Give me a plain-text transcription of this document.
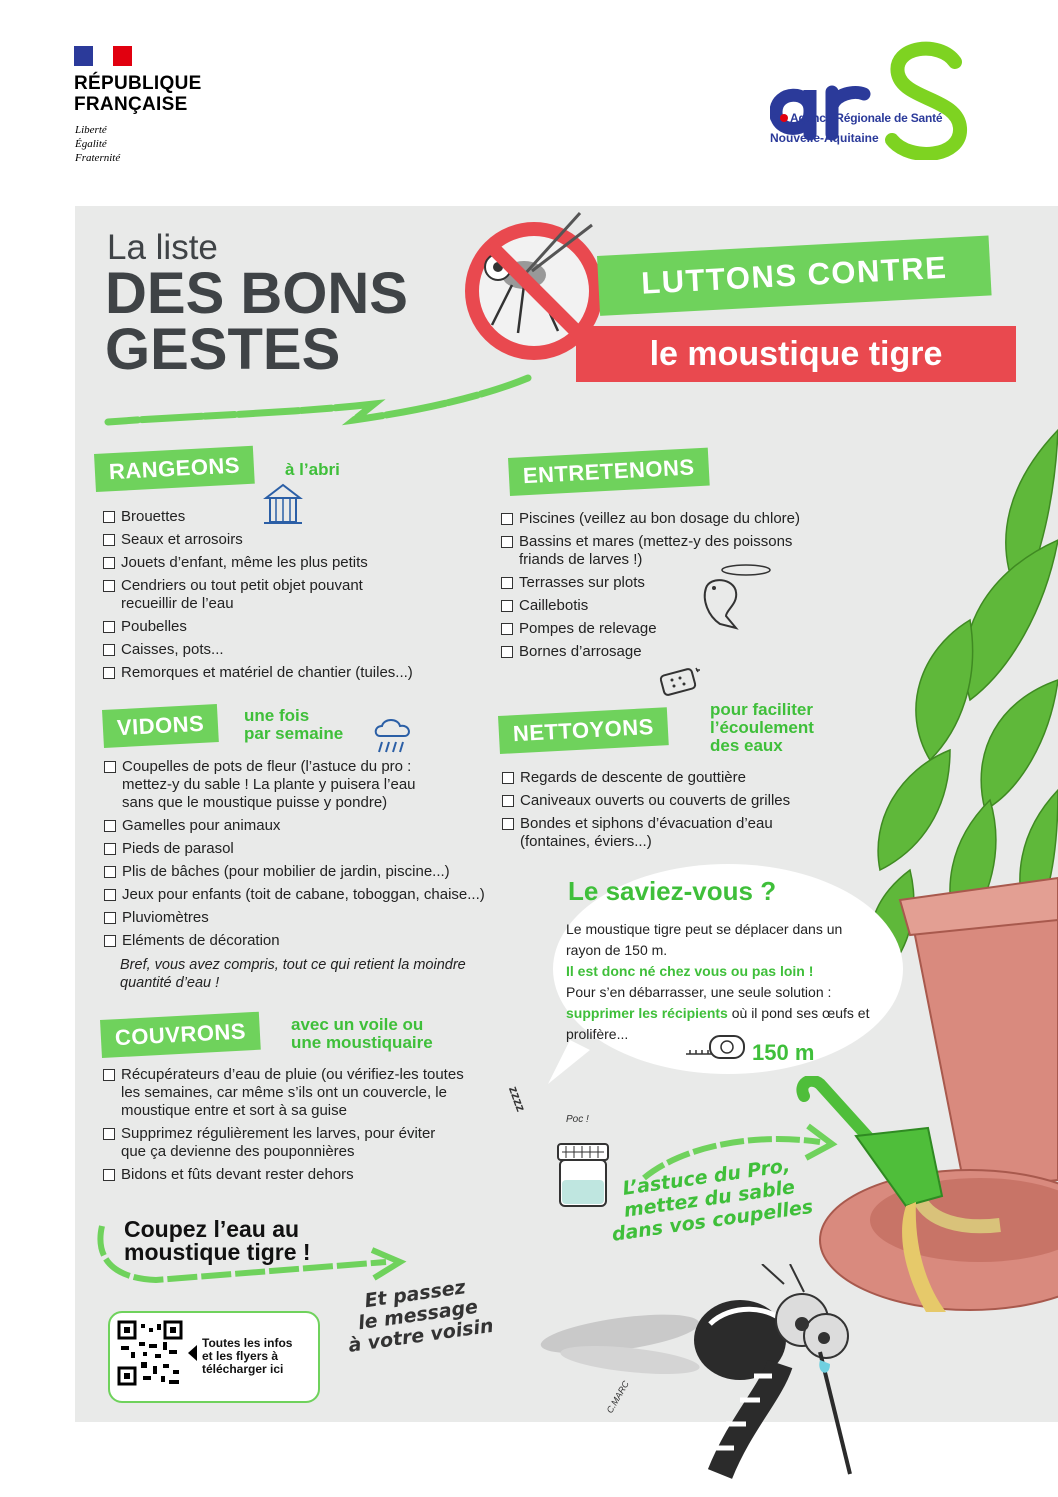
RÉPUBLIQUE
FRANÇAISE
Liberté
Égalité
Fraternité
Agence Régionale de Santé
Nouvelle-Aquitaine
La liste
DES BONS
GESTES
LUTTONS CONTRE
le moustique tigre
RANGEONS	à l’abri
Brouettes
Seaux et arrosoirs
Jouets d’enfant, même les plus petits
Cendriers ou tout petit objet pouvant
recueillir de l’eau
Poubelles
Caisses, pots...
Remorques et matériel de chantier (tuiles...)
VIDONS	une fois
par semaine
Coupelles de pots de fleur (l’astuce du pro :
mettez-y du sable ! La plante y puisera l’eau
sans que le moustique puisse y pondre)
Gamelles pour animaux
Pieds de parasol
Plis de bâches (pour mobilier de jardin, piscine...)
Jeux pour enfants (toit de cabane, toboggan, chaise...)
Pluviomètres
Eléments de décoration
Bref, vous avez compris, tout ce qui retient la moindre
quantité d’eau !
COUVRONS	avec un voile ou
une moustiquaire
Récupérateurs d’eau de pluie (ou vérifiez-les toutes
les semaines, car même s’ils ont un couvercle, le
moustique entre et sort à sa guise
Supprimez régulièrement les larves, pour éviter
que ça devienne des pouponnières
Bidons et fûts devant rester dehors
ENTRETENONS
Piscines (veillez au bon dosage du chlore)
Bassins et mares (mettez-y des poissons
friands de larves !)
Terrasses sur plots
Caillebotis
Pompes de relevage
Bornes d’arrosage
NETTOYONS
pour faciliter
l’écoulement
des eaux
Regards de descente de gouttière
Caniveaux ouverts ou couverts de grilles
Bondes et siphons d’évacuation d’eau
(fontaines, éviers...)
Le saviez-vous ?
Le moustique tigre peut se déplacer dans un rayon de 150 m.
Il est donc né chez vous ou pas loin !
Pour s’en débarrasser, une seule solution :
supprimer les récipients où il pond ses œufs et prolifère...
150 m
zzzz
Poc !
L’astuce du Pro,
mettez du sable
dans vos coupelles
Coupez l’eau au
moustique tigre !
Et passez
le message
à votre voisin
Toutes les infos
et les flyers à
télécharger ici
C.MARC
